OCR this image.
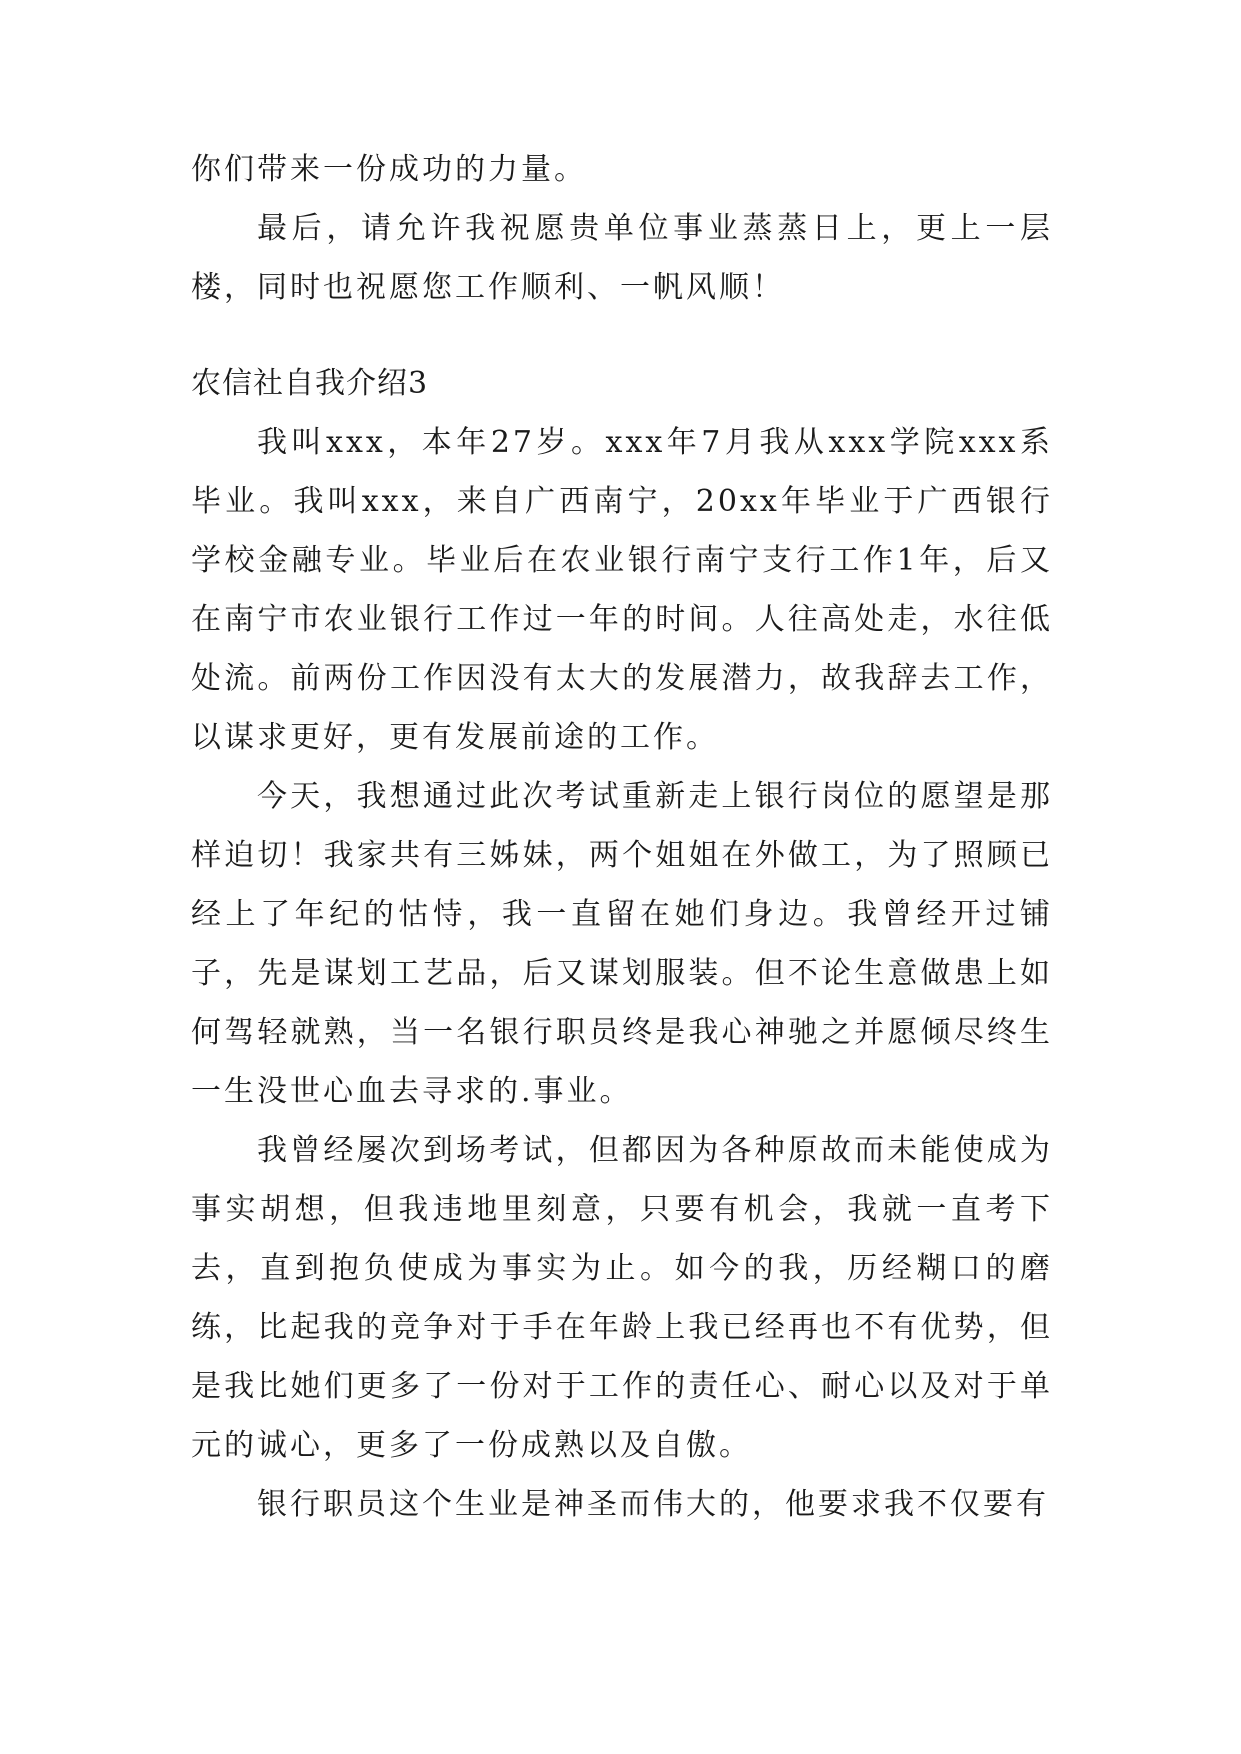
你们带来一份成功的力量。

最后，请允许我祝愿贵单位事业蒸蒸日上，更上一层楼，同时也祝愿您工作顺利、一帆风顺！

农信社自我介绍3

我叫xxx，本年27岁。xxx年7月我从xxx学院xxx系毕业。我叫xxx，来自广西南宁，20xx年毕业于广西银行学校金融专业。毕业后在农业银行南宁支行工作1年，后又在南宁市农业银行工作过一年的时间。人往高处走，水往低处流。前两份工作因没有太大的发展潜力，故我辞去工作，以谋求更好，更有发展前途的工作。

今天，我想通过此次考试重新走上银行岗位的愿望是那样迫切！我家共有三姊妹，两个姐姐在外做工，为了照顾已经上了年纪的怙恃，我一直留在她们身边。我曾经开过铺子，先是谋划工艺品，后又谋划服装。但不论生意做患上如何驾轻就熟，当一名银行职员终是我心神驰之并愿倾尽终生一生没世心血去寻求的.事业。

我曾经屡次到场考试，但都因为各种原故而未能使成为事实胡想，但我违地里刻意，只要有机会，我就一直考下去，直到抱负使成为事实为止。如今的我，历经糊口的磨练，比起我的竞争对于手在年龄上我已经再也不有优势，但是我比她们更多了一份对于工作的责任心、耐心以及对于单元的诚心，更多了一份成熟以及自傲。

银行职员这个生业是神圣而伟大的，他要求我不仅要有
